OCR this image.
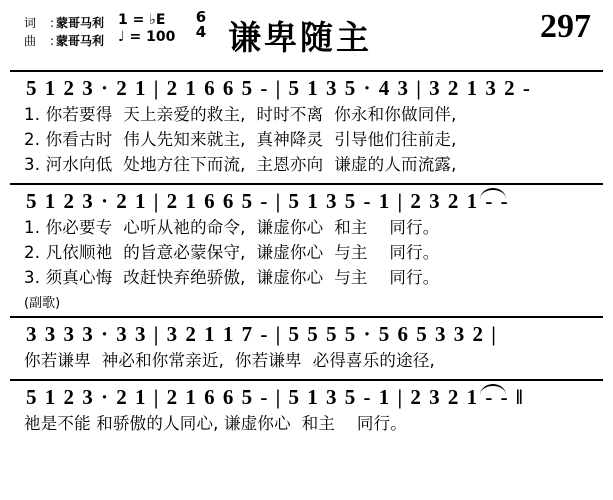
词	: 蒙哥马利
曲	: 蒙哥马利
1 = ♭E
♩ = 100
6
4 谦卑随主	297
5 1 2 3 · 2 1 | 2 1 6 6 5 - | 5 1 3 5 · 4 3 | 3 2 1 3 2 -
1. 你若要得  天上亲爱的救主,  时时不离  你永和你做同伴,
2. 你看古时  伟人先知来就主,  真神降灵  引导他们往前走,
3. 河水向低  处地方往下而流,  主恩亦向  谦虚的人而流露,
5 1 2 3 · 2 1 | 2 1 6 6 5 - | 5 1 3 5 - 1 | 2 3 2 1 - -
1. 你必要专  心听从祂的命令,  谦虚你心  和主    同行。
2. 凡依顺祂  的旨意必蒙保守,  谦虚你心  与主    同行。
3. 须真心悔  改赶快弃绝骄傲,  谦虚你心  与主    同行。
(副歌)
3 3 3 3 · 3 3 | 3 2 1 1 7 - | 5 5 5 5 · 5 6 5 3 3 2 |
你若谦卑  神必和你常亲近,  你若谦卑  必得喜乐的途径,
5 1 2 3 · 2 1 | 2 1 6 6 5 - | 5 1 3 5 - 1 | 2 3 2 1 - - ‖
祂是不能 和骄傲的人同心, 谦虚你心  和主    同行。
